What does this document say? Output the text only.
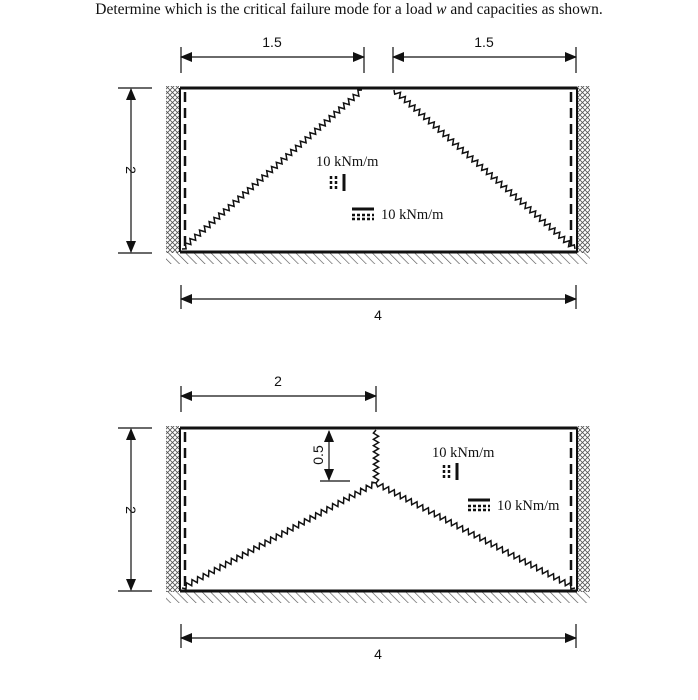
Determine which is the critical failure mode for a load w and capacities as shown.
1.5	1.5
2
4
10 kNm/m
10 kNm/m
2
0.5
2
4
10 kNm/m
10 kNm/m
